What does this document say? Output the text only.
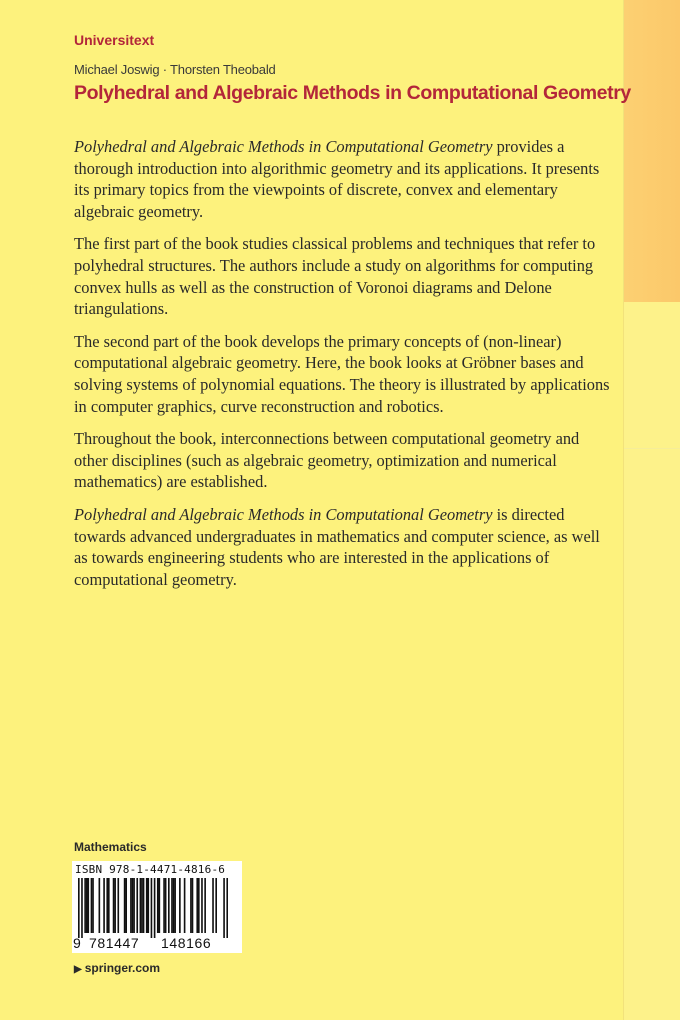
Universitext
Michael Joswig · Thorsten Theobald
Polyhedral and Algebraic Methods in Computational Geometry

Polyhedral and Algebraic Methods in Computational Geometry provides a thorough introduction into algorithmic geometry and its applications. It presents its primary topics from the viewpoints of discrete, convex and elementary algebraic geometry.

The first part of the book studies classical problems and techniques that refer to polyhedral structures. The authors include a study on algorithms for computing convex hulls as well as the construction of Voronoi diagrams and Delone triangulations.

The second part of the book develops the primary concepts of (non-linear) computational algebraic geometry. Here, the book looks at Gröbner bases and solving systems of polynomial equations. The theory is illustrated by applications in computer graphics, curve reconstruction and robotics.

Throughout the book, interconnections between computational geometry and other disciplines (such as algebraic geometry, optimization and numerical mathematics) are established.

Polyhedral and Algebraic Methods in Computational Geometry is directed towards advanced undergraduates in mathematics and computer science, as well as towards engineering students who are interested in the applications of computational geometry.

Mathematics
ISBN 978-1-4471-4816-6
9 781447 148166
▶ springer.com
